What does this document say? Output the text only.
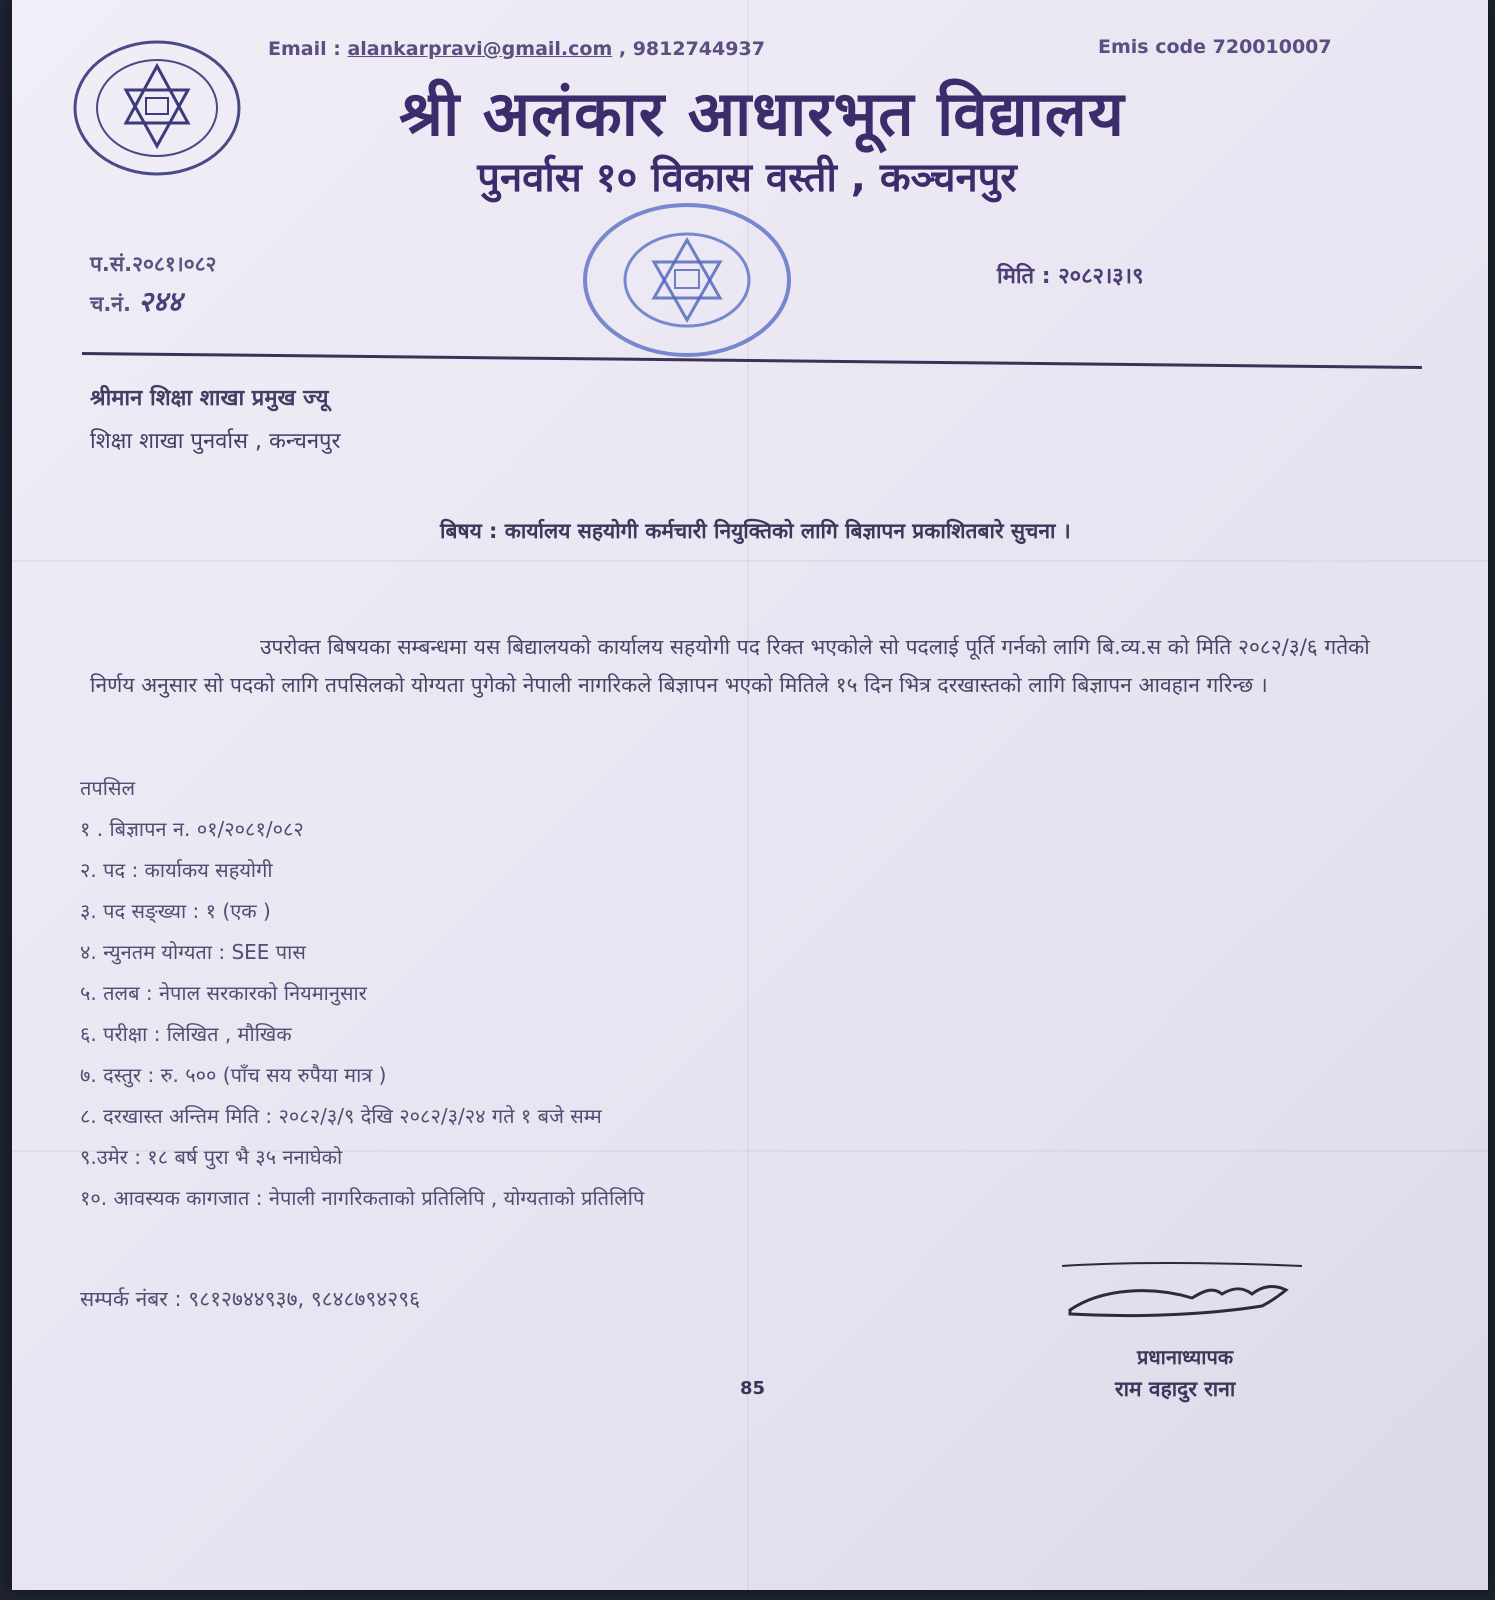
Email : alankarpravi@gmail.com , 9812744937	Emis code 720010007
श्री अलंकार आधारभूत विद्यालय
पुनर्वास १० विकास वस्ती , कञ्चनपुर
प.सं.२०८१।०८२
च.नं. २४४
मिति : २०८२।३।९
श्रीमान शिक्षा शाखा प्रमुख ज्यू
शिक्षा शाखा पुनर्वास , कन्चनपुर
बिषय : कार्यालय सहयोगी कर्मचारी नियुक्तिको लागि बिज्ञापन प्रकाशितबारे सुचना ।
उपरोक्त बिषयका सम्बन्धमा यस बिद्यालयको कार्यालय सहयोगी पद रिक्त भएकोले सो पदलाई पूर्ति गर्नको लागि बि.व्य.स को मिति २०८२/३/६ गतेको निर्णय अनुसार सो पदको लागि तपसिलको योग्यता पुगेको नेपाली नागरिकले बिज्ञापन भएको मितिले १५ दिन भित्र दरखास्तको लागि बिज्ञापन आवहान गरिन्छ ।
तपसिल
१ . बिज्ञापन न. ०१/२०८१/०८२
२. पद : कार्याकय सहयोगी
३. पद सङ्ख्या : १ (एक )
४. न्युनतम योग्यता : SEE पास
५. तलब : नेपाल सरकारको नियमानुसार
६. परीक्षा : लिखित , मौखिक
७. दस्तुर : रु. ५०० (पाँच सय रुपैया मात्र )
८. दरखास्त अन्तिम मिति : २०८२/३/९ देखि २०८२/३/२४ गते १ बजे सम्म
९.उमेर : १८ बर्ष पुरा भै ३५ ननाघेको
१०. आवस्यक कागजात : नेपाली नागरिकताको प्रतिलिपि , योग्यताको प्रतिलिपि
सम्पर्क नंबर : ९८१२७४४९३७, ९८४८७९४२९६
85
प्रधानाध्यापक
राम वहादुर राना
